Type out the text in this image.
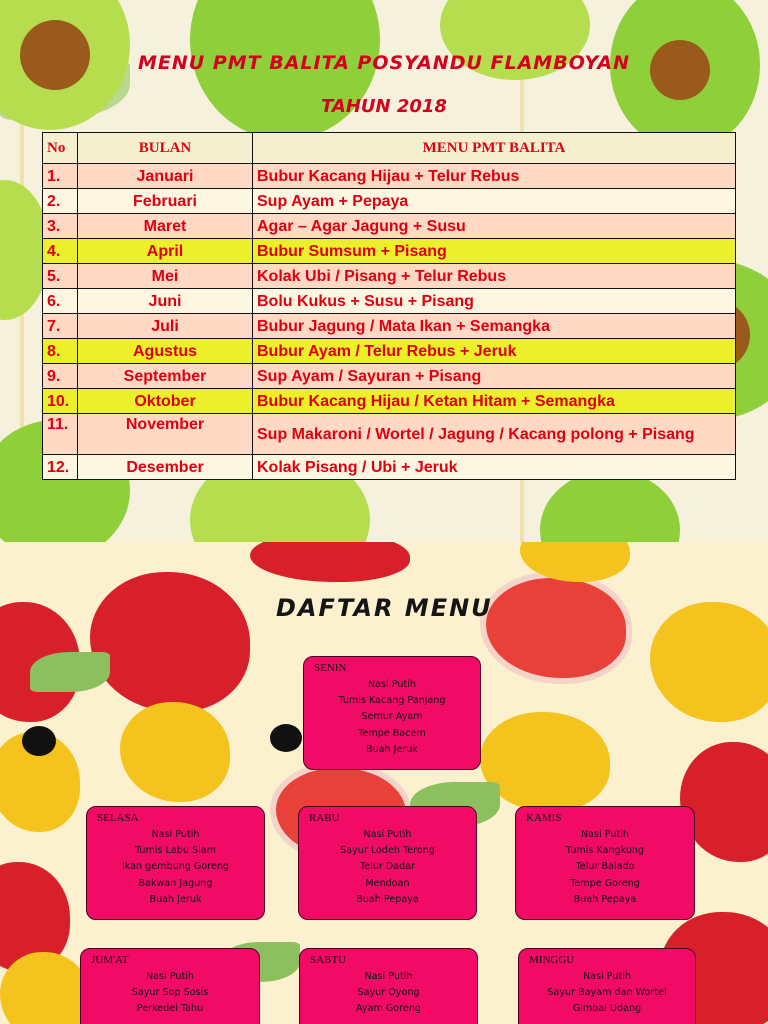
MENU PMT BALITA POSYANDU FLAMBOYAN
TAHUN 2018
No	BULAN	MENU PMT BALITA
1.	Januari	Bubur Kacang Hijau + Telur Rebus
2.	Februari	Sup Ayam + Pepaya
3.	Maret	Agar – Agar Jagung + Susu
4.	April	Bubur Sumsum + Pisang
5.	Mei	Kolak Ubi / Pisang + Telur Rebus
6.	Juni	Bolu Kukus + Susu + Pisang
7.	Juli	Bubur Jagung / Mata Ikan + Semangka
8.	Agustus	Bubur Ayam / Telur Rebus + Jeruk
9.	September	Sup Ayam / Sayuran + Pisang
10.	Oktober	Bubur Kacang Hijau / Ketan Hitam + Semangka
11.	November	Sup Makaroni / Wortel / Jagung / Kacang polong + Pisang
12.	Desember	Kolak Pisang / Ubi + Jeruk
DAFTAR MENU
SENIN
Nasi Putih
Tumis Kacang Panjang
Semur Ayam
Tempe Bacem
Buah Jeruk
SELASA
Nasi Putih
Tumis Labu Siam
Ikan gembung Goreng
Bakwan Jagung
Buah Jeruk
RABU
Nasi Putih
Sayur Lodeh Terong
Telur Dadar
Mendoan
Buah Pepaya
KAMIS
Nasi Putih
Tumis Kangkung
Telur Balado
Tempe Goreng
Buah Pepaya
JUM'AT
Nasi Putih
Sayur Sop Sosis
Perkedel Tahu
SABTU
Nasi Putih
Sayur Oyong
Ayam Goreng
MINGGU
Nasi Putih
Sayur Bayam dan Wortel
Gimbal Udang
